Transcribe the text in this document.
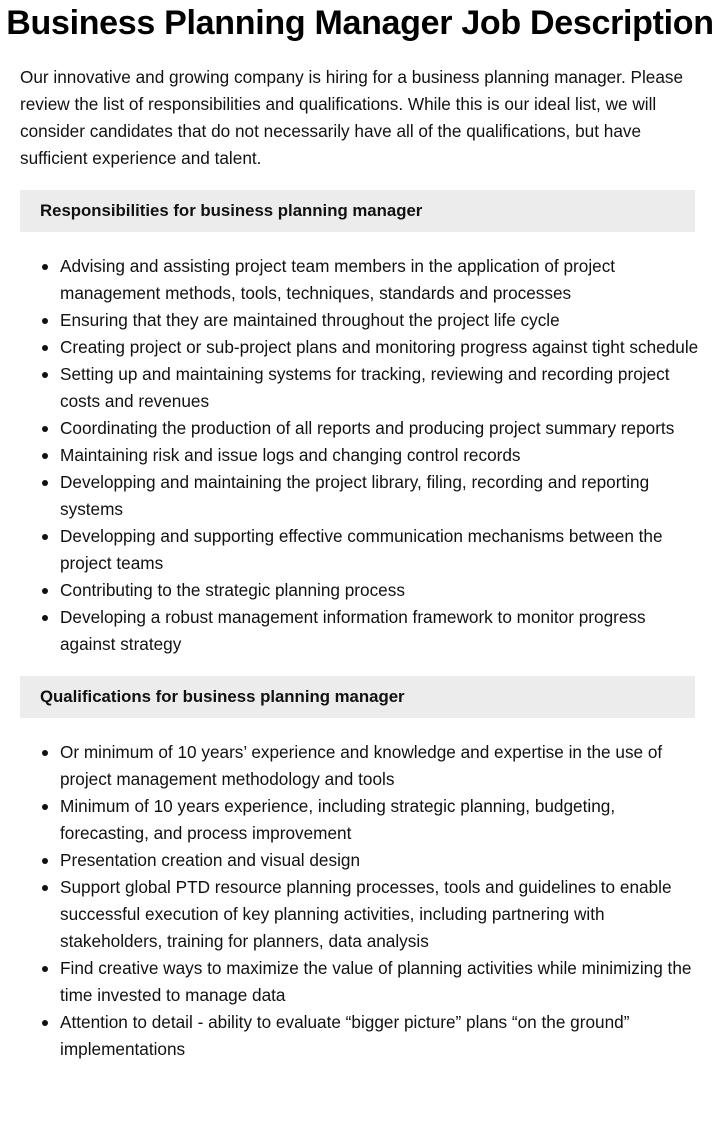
Business Planning Manager Job Description

Our innovative and growing company is hiring for a business planning manager. Please review the list of responsibilities and qualifications. While this is our ideal list, we will consider candidates that do not necessarily have all of the qualifications, but have sufficient experience and talent.

Responsibilities for business planning manager
Advising and assisting project team members in the application of project management methods, tools, techniques, standards and processes
Ensuring that they are maintained throughout the project life cycle
Creating project or sub-project plans and monitoring progress against tight schedule
Setting up and maintaining systems for tracking, reviewing and recording project costs and revenues
Coordinating the production of all reports and producing project summary reports
Maintaining risk and issue logs and changing control records
Developping and maintaining the project library, filing, recording and reporting systems
Developping and supporting effective communication mechanisms between the project teams
Contributing to the strategic planning process
Developing a robust management information framework to monitor progress against strategy
Qualifications for business planning manager
Or minimum of 10 years’ experience and knowledge and expertise in the use of project management methodology and tools
Minimum of 10 years experience, including strategic planning, budgeting, forecasting, and process improvement
Presentation creation and visual design
Support global PTD resource planning processes, tools and guidelines to enable successful execution of key planning activities, including partnering with stakeholders, training for planners, data analysis
Find creative ways to maximize the value of planning activities while minimizing the time invested to manage data
Attention to detail - ability to evaluate “bigger picture” plans “on the ground” implementations
